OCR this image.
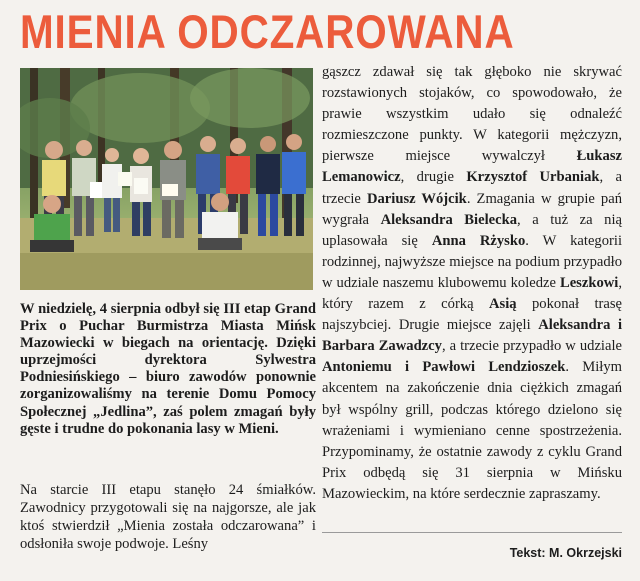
MIENIA ODCZAROWANA

W niedzielę, 4 sierpnia odbył się III etap Grand Prix o Puchar Burmistrza Miasta Mińsk Mazowiecki w biegach na orientację. Dzięki uprzejmości dyrektora Sylwestra Podniesińskiego – biuro zawodów ponownie zorganizowaliśmy na terenie Domu Pomocy Społecznej „Jedlina”, zaś polem zmagań były gęste i trudne do pokonania lasy w Mieni.

Na starcie III etapu stanęło 24 śmiałków. Zawodnicy przygotowali się na najgorsze, ale jak ktoś stwierdził „Mienia została odczarowana” i odsłoniła swoje podwoje. Leśny

gąszcz zdawał się tak głęboko nie skrywać rozstawionych stojaków, co spowodowało, że prawie wszystkim udało się odnaleźć rozmieszczone punkty. W kategorii mężczyzn, pierwsze miejsce wywalczył Łukasz Lemanowicz, drugie Krzysztof Urbaniak, a trzecie Dariusz Wójcik. Zmagania w grupie pań wygrała Aleksandra Bielecka, a tuż za nią uplasowała się Anna Rżysko. W kategorii rodzinnej, najwyższe miejsce na podium przypadło w udziale naszemu klubowemu koledze Leszkowi, który razem z córką Asią pokonał trasę najszybciej. Drugie miejsce zajęli Aleksandra i Barbara Zawadzcy, a trzecie przypadło w udziale Antoniemu i Pawłowi Lendzioszek. Miłym akcentem na zakończenie dnia ciężkich zmagań był wspólny grill, podczas którego dzielono się wrażeniami i wymieniano cenne spostrzeżenia. Przypominamy, że ostatnie zawody z cyklu Grand Prix odbędą się 31 sierpnia w Mińsku Mazowieckim, na które serdecznie zapraszamy.

Tekst: M. Okrzejski
